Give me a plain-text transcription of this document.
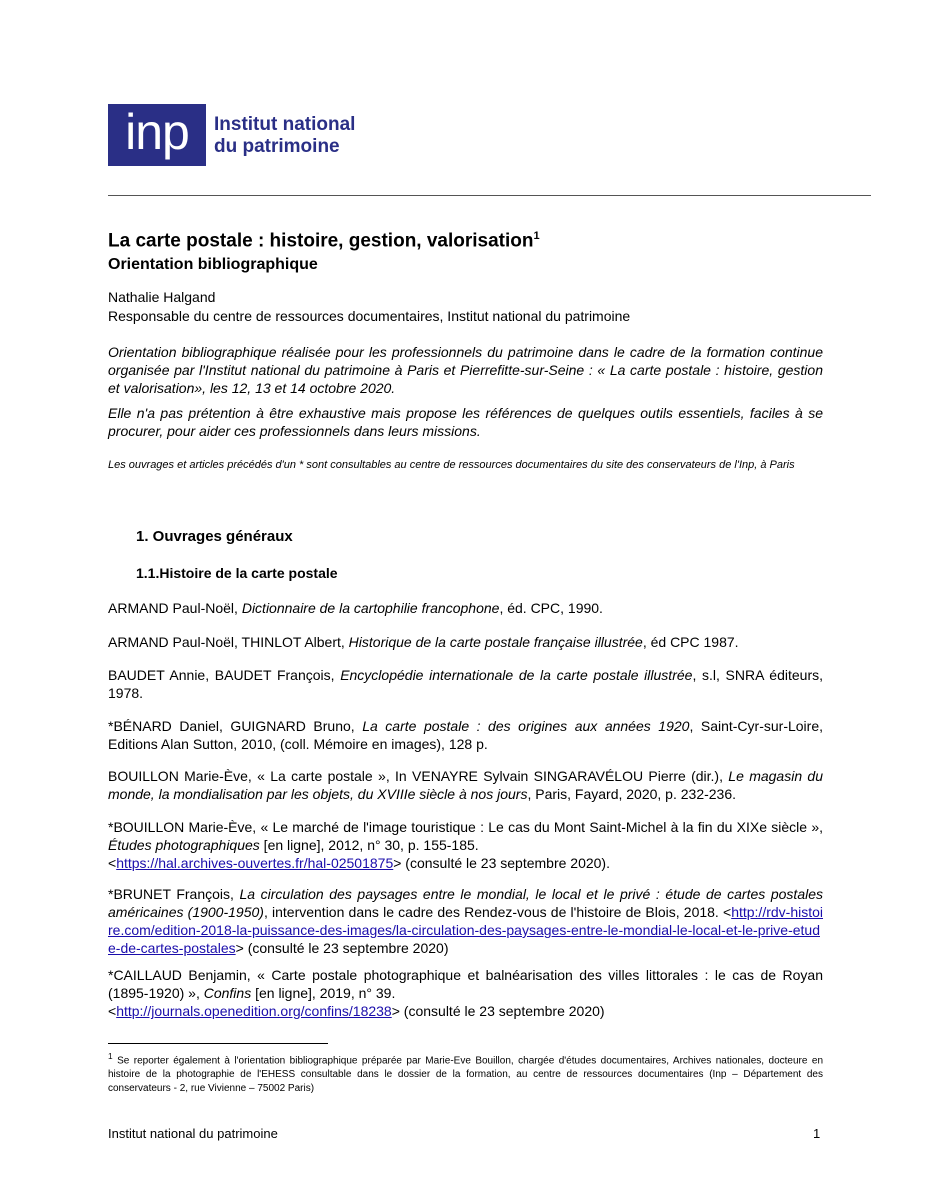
inp	Institut national
du patrimoine
La carte postale : histoire, gestion, valorisation$^1$
Orientation bibliographique
Nathalie Halgand
Responsable du centre de ressources documentaires, Institut national du patrimoine
Orientation bibliographique réalisée pour les professionnels du patrimoine dans le cadre de la formation continue organisée par l'Institut national du patrimoine à Paris et Pierrefitte-sur-Seine : « La carte postale : histoire, gestion et valorisation», les 12, 13 et 14 octobre 2020.
Elle n'a pas prétention à être exhaustive mais propose les références de quelques outils essentiels, faciles à se procurer, pour aider ces professionnels dans leurs missions.
Les ouvrages et articles précédés d'un * sont consultables au centre de ressources documentaires du site des conservateurs de l'Inp, à Paris
1. Ouvrages généraux
1.1.Histoire de la carte postale
ARMAND Paul-Noël, Dictionnaire de la cartophilie francophone, éd. CPC, 1990.
ARMAND Paul-Noël, THINLOT Albert, Historique de la carte postale française illustrée, éd CPC 1987.
BAUDET Annie, BAUDET François, Encyclopédie internationale de la carte postale illustrée, s.l, SNRA éditeurs, 1978.
*BÉNARD Daniel, GUIGNARD Bruno, La carte postale : des origines aux années 1920, Saint-Cyr-sur-Loire, Editions Alan Sutton, 2010, (coll. Mémoire en images), 128 p.
BOUILLON Marie-Ève, « La carte postale », In VENAYRE Sylvain SINGARAVÉLOU Pierre (dir.), Le magasin du monde, la mondialisation par les objets, du XVIIIe siècle à nos jours, Paris, Fayard, 2020, p. 232-236.
*BOUILLON Marie-Ève, « Le marché de l'image touristique : Le cas du Mont Saint-Michel à la fin du XIXe siècle », Études photographiques [en ligne], 2012, n° 30, p. 155-185.
<https://hal.archives-ouvertes.fr/hal-02501875> (consulté le 23 septembre 2020).
*BRUNET François, La circulation des paysages entre le mondial, le local et le privé : étude de cartes postales américaines (1900-1950), intervention dans le cadre des Rendez-vous de l'histoire de Blois, 2018. <http://rdv-histoire.com/edition-2018-la-puissance-des-images/la-circulation-des-paysages-entre-le-mondial-le-local-et-le-prive-etude-de-cartes-postales> (consulté le 23 septembre 2020)
*CAILLAUD Benjamin, « Carte postale photographique et balnéarisation des villes littorales : le cas de Royan (1895-1920) », Confins [en ligne], 2019, n° 39.
<http://journals.openedition.org/confins/18238> (consulté le 23 septembre 2020)
$^1$ Se reporter également à l'orientation bibliographique préparée par Marie-Eve Bouillon, chargée d'études documentaires, Archives nationales, docteure en histoire de la photographie de l'EHESS consultable dans le dossier de la formation, au centre de ressources documentaires (Inp – Département des conservateurs - 2, rue Vivienne – 75002 Paris)
Institut national du patrimoine	1
